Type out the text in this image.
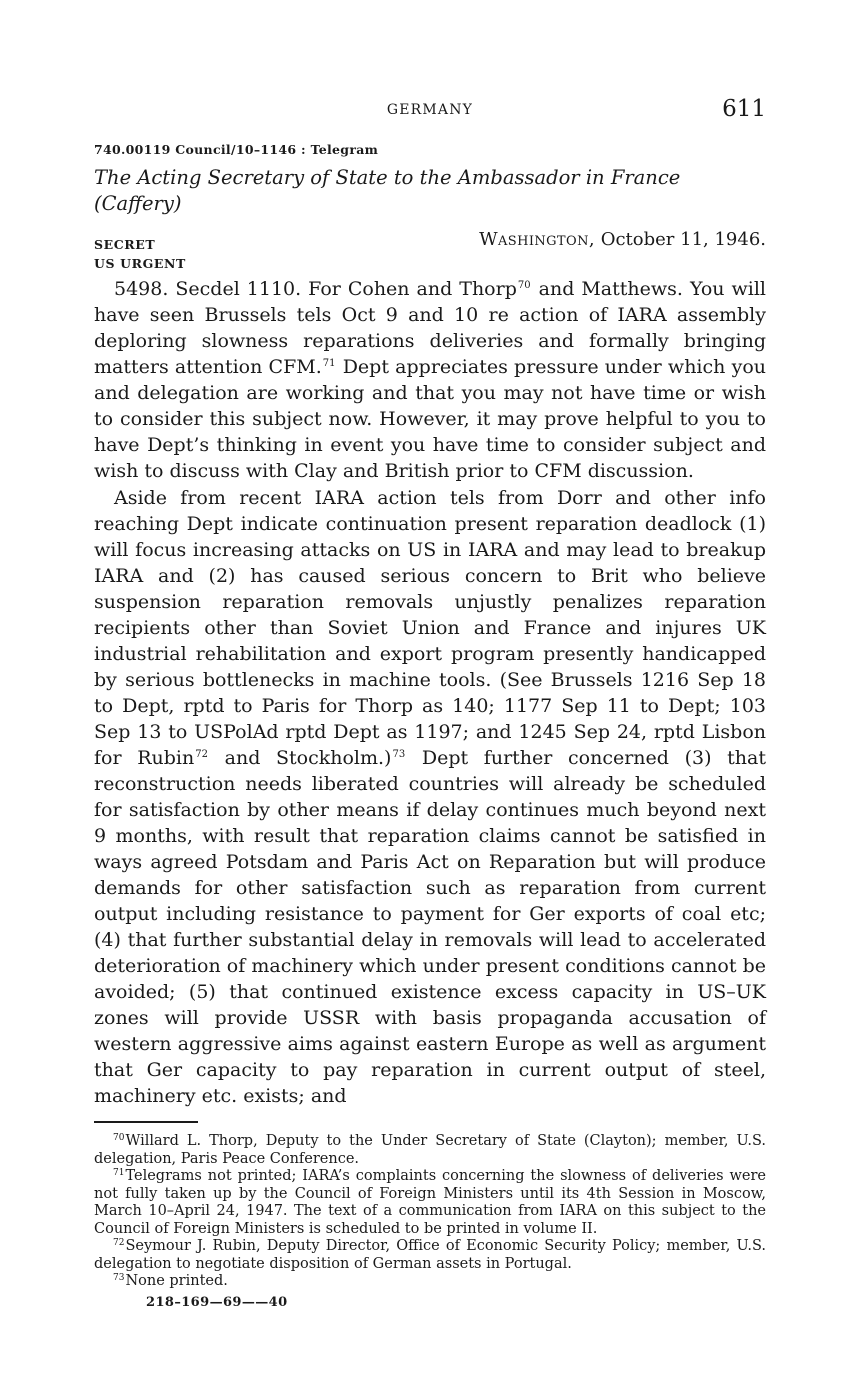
GERMANY	611
740.00119 Council/10–1146 : Telegram
The Acting Secretary of State to the Ambassador in France (Caffery)
SECRET	Washington, October 11, 1946.
US URGENT

5498. Secdel 1110. For Cohen and Thorp$^{70}$ and Matthews. You will have seen Brussels tels Oct 9 and 10 re action of IARA assembly deploring slowness reparations deliveries and formally bringing matters attention CFM.$^{71}$ Dept appreciates pressure under which you and delegation are working and that you may not have time or wish to consider this subject now. However, it may prove helpful to you to have Dept’s thinking in event you have time to consider subject and wish to discuss with Clay and British prior to CFM discussion.

Aside from recent IARA action tels from Dorr and other info reaching Dept indicate continuation present reparation deadlock (1) will focus increasing attacks on US in IARA and may lead to breakup IARA and (2) has caused serious concern to Brit who believe suspension reparation removals unjustly penalizes reparation recipients other than Soviet Union and France and injures UK industrial rehabilitation and export program presently handicapped by serious bottlenecks in machine tools. (See Brussels 1216 Sep 18 to Dept, rptd to Paris for Thorp as 140; 1177 Sep 11 to Dept; 103 Sep 13 to USPolAd rptd Dept as 1197; and 1245 Sep 24, rptd Lisbon for Rubin$^{72}$ and Stockholm.)$^{73}$ Dept further concerned (3) that reconstruction needs liberated countries will already be scheduled for satisfaction by other means if delay continues much beyond next 9 months, with result that reparation claims cannot be satisfied in ways agreed Potsdam and Paris Act on Reparation but will produce demands for other satisfaction such as reparation from current output including resistance to payment for Ger exports of coal etc; (4) that further substantial delay in removals will lead to accelerated deterioration of machinery which under present conditions cannot be avoided; (5) that continued existence excess capacity in US–UK zones will provide USSR with basis propaganda accusation of western aggressive aims against eastern Europe as well as argument that Ger capacity to pay reparation in current output of steel, machinery etc. exists; and

$^{70}$Willard L. Thorp, Deputy to the Under Secretary of State (Clayton); member, U.S. delegation, Paris Peace Conference.

$^{71}$Telegrams not printed; IARA’s complaints concerning the slowness of deliveries were not fully taken up by the Council of Foreign Ministers until its 4th Session in Moscow, March 10–April 24, 1947. The text of a communication from IARA on this subject to the Council of Foreign Ministers is scheduled to be printed in volume II.

$^{72}$Seymour J. Rubin, Deputy Director, Office of Economic Security Policy; member, U.S. delegation to negotiate disposition of German assets in Portugal.

$^{73}$None printed.

218–169—69——40
